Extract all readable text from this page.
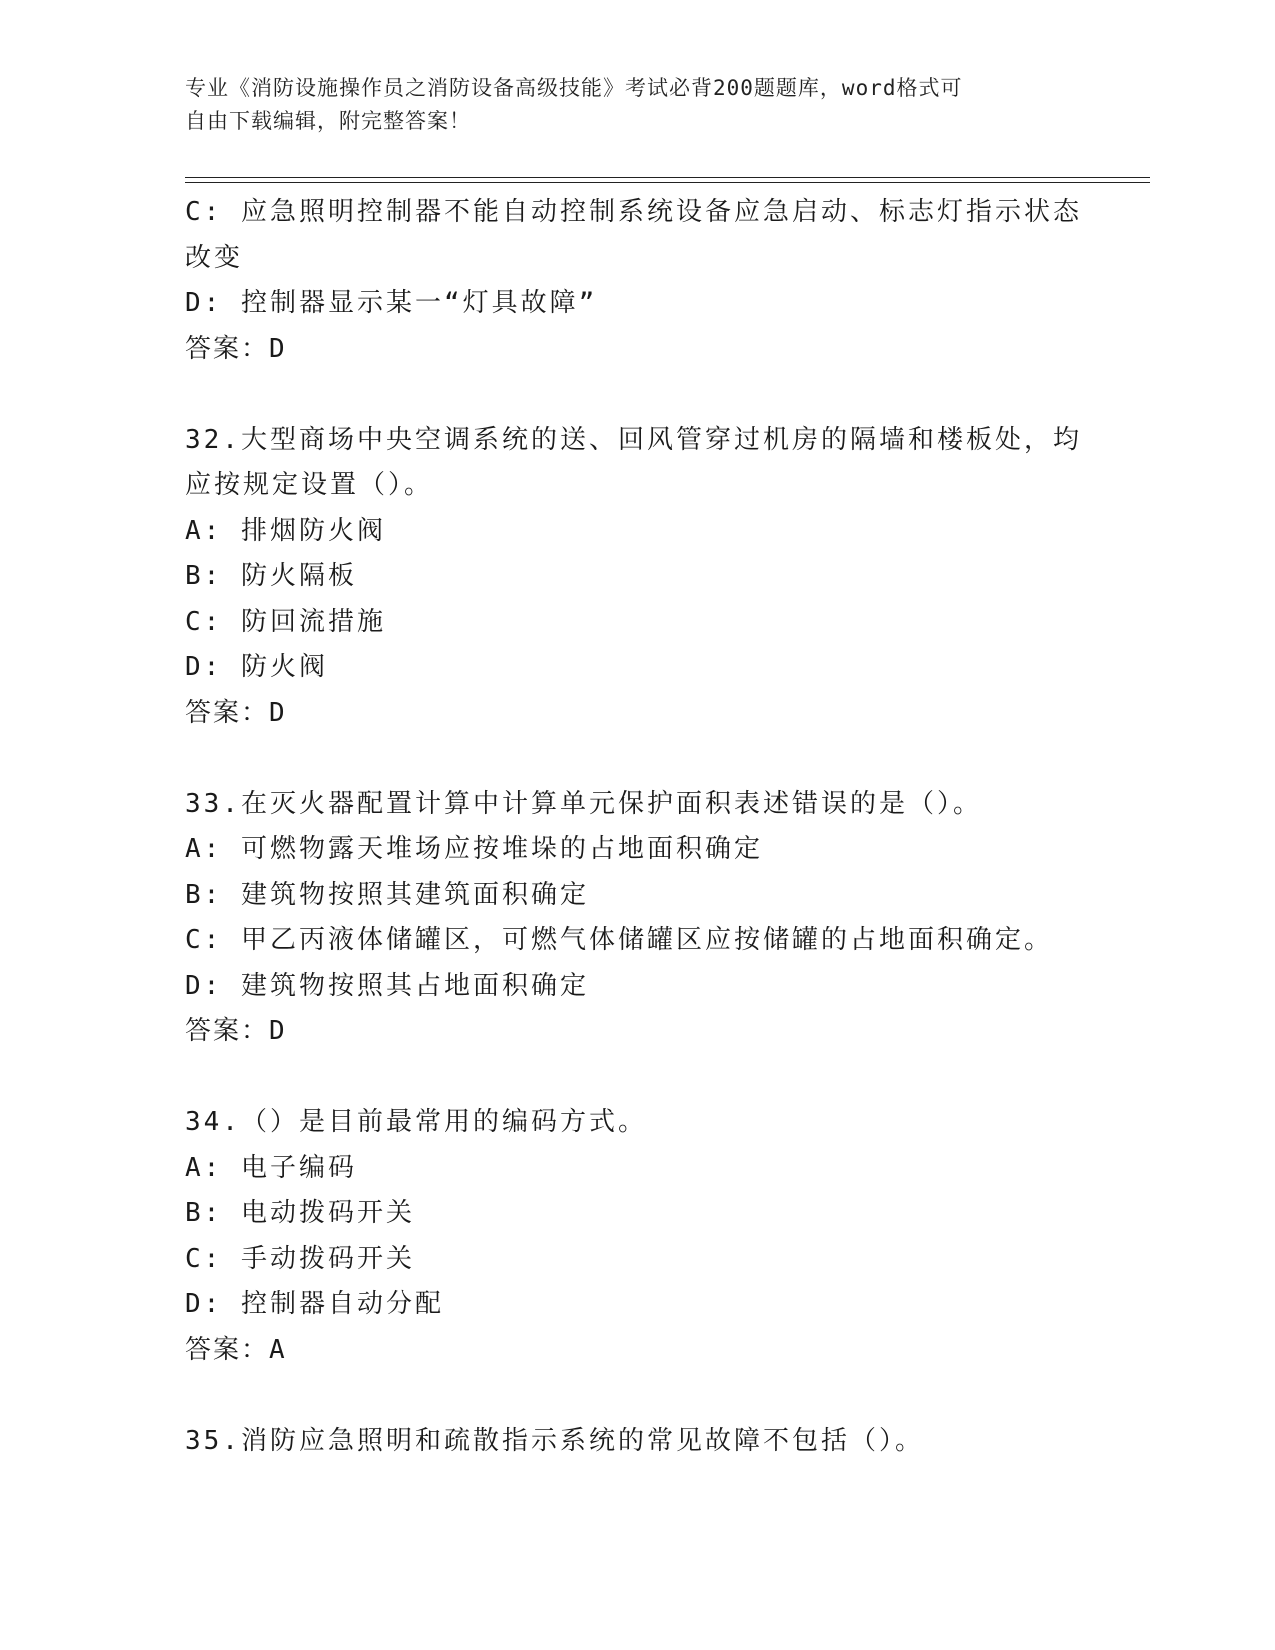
专业《消防设施操作员之消防设备高级技能》考试必背200题题库，word格式可
自由下载编辑，附完整答案！
C: 应急照明控制器不能自动控制系统设备应急启动、标志灯指示状态
改变
D: 控制器显示某一“灯具故障”
答案：D
32.大型商场中央空调系统的送、回风管穿过机房的隔墙和楼板处，均
应按规定设置（）。
A: 排烟防火阀
B: 防火隔板
C: 防回流措施
D: 防火阀
答案：D
33.在灭火器配置计算中计算单元保护面积表述错误的是（）。
A: 可燃物露天堆场应按堆垛的占地面积确定
B: 建筑物按照其建筑面积确定
C: 甲乙丙液体储罐区，可燃气体储罐区应按储罐的占地面积确定。
D: 建筑物按照其占地面积确定
答案：D
34.（）是目前最常用的编码方式。
A: 电子编码
B: 电动拨码开关
C: 手动拨码开关
D: 控制器自动分配
答案：A
35.消防应急照明和疏散指示系统的常见故障不包括（）。
